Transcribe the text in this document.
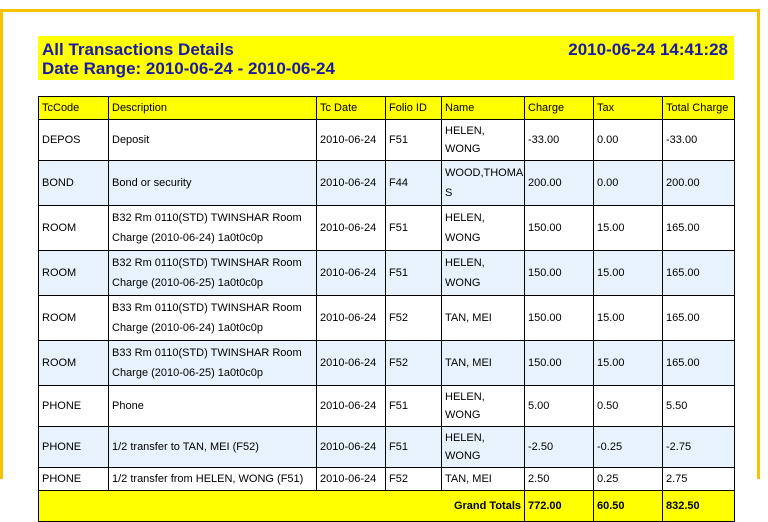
All Transactions Details
Date Range: 2010-06-24 - 2010-06-24
2010-06-24 14:41:28
TcCode	Description	Tc Date	Folio ID	Name	Charge	Tax	Total Charge

DEPOS	Deposit	2010-06-24	F51	HELEN, WONG	-33.00	0.00	-33.00

BOND	Bond or security	2010-06-24	F44	WOOD,THOMA
S	200.00	0.00	200.00

ROOM	B32 Rm 0110(STD) TWINSHAR Room
Charge (2010-06-24) 1a0t0c0p	2010-06-24	F51	HELEN, WONG	150.00	15.00	165.00

ROOM	B32 Rm 0110(STD) TWINSHAR Room
Charge (2010-06-25) 1a0t0c0p	2010-06-24	F51	HELEN, WONG	150.00	15.00	165.00

ROOM	B33 Rm 0110(STD) TWINSHAR Room
Charge (2010-06-24) 1a0t0c0p	2010-06-24	F52	TAN, MEI	150.00	15.00	165.00

ROOM	B33 Rm 0110(STD) TWINSHAR Room
Charge (2010-06-25) 1a0t0c0p	2010-06-24	F52	TAN, MEI	150.00	15.00	165.00

PHONE	Phone	2010-06-24	F51	HELEN, WONG	5.00	0.50	5.50

PHONE	1/2 transfer to TAN, MEI (F52)	2010-06-24	F51	HELEN, WONG	-2.50	-0.25	-2.75

PHONE	1/2 transfer from HELEN, WONG (F51)	2010-06-24	F52	TAN, MEI	2.50	0.25	2.75

Grand Totals					772.00	60.50	832.50
